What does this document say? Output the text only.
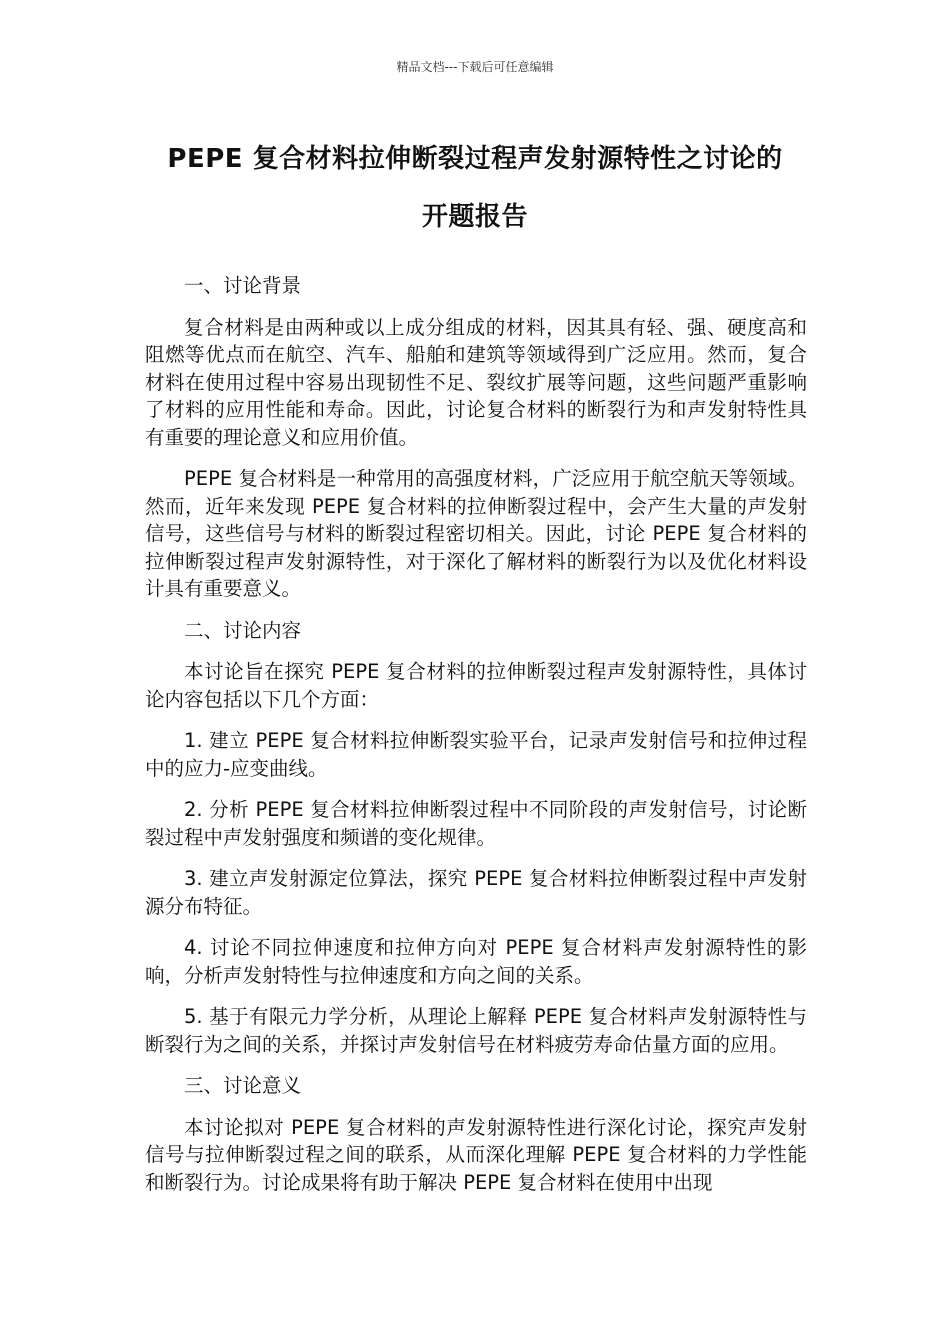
精品文档---下载后可任意编辑
PEPE 复合材料拉伸断裂过程声发射源特性之讨论的
开题报告

一、讨论背景

复合材料是由两种或以上成分组成的材料，因其具有轻、强、硬度高和阻燃等优点而在航空、汽车、船舶和建筑等领域得到广泛应用。然而，复合材料在使用过程中容易出现韧性不足、裂纹扩展等问题，这些问题严重影响了材料的应用性能和寿命。因此，讨论复合材料的断裂行为和声发射特性具有重要的理论意义和应用价值。

PEPE 复合材料是一种常用的高强度材料，广泛应用于航空航天等领域。然而，近年来发现 PEPE 复合材料的拉伸断裂过程中，会产生大量的声发射信号，这些信号与材料的断裂过程密切相关。因此，讨论 PEPE 复合材料的拉伸断裂过程声发射源特性，对于深化了解材料的断裂行为以及优化材料设计具有重要意义。

二、讨论内容

本讨论旨在探究 PEPE 复合材料的拉伸断裂过程声发射源特性，具体讨论内容包括以下几个方面：

1. 建立 PEPE 复合材料拉伸断裂实验平台，记录声发射信号和拉伸过程中的应力-应变曲线。

2. 分析 PEPE 复合材料拉伸断裂过程中不同阶段的声发射信号，讨论断裂过程中声发射强度和频谱的变化规律。

3. 建立声发射源定位算法，探究 PEPE 复合材料拉伸断裂过程中声发射源分布特征。

4. 讨论不同拉伸速度和拉伸方向对 PEPE 复合材料声发射源特性的影响，分析声发射特性与拉伸速度和方向之间的关系。

5. 基于有限元力学分析，从理论上解释 PEPE 复合材料声发射源特性与断裂行为之间的关系，并探讨声发射信号在材料疲劳寿命估量方面的应用。

三、讨论意义

本讨论拟对 PEPE 复合材料的声发射源特性进行深化讨论，探究声发射信号与拉伸断裂过程之间的联系，从而深化理解 PEPE 复合材料的力学性能和断裂行为。讨论成果将有助于解决 PEPE 复合材料在使用中出现
